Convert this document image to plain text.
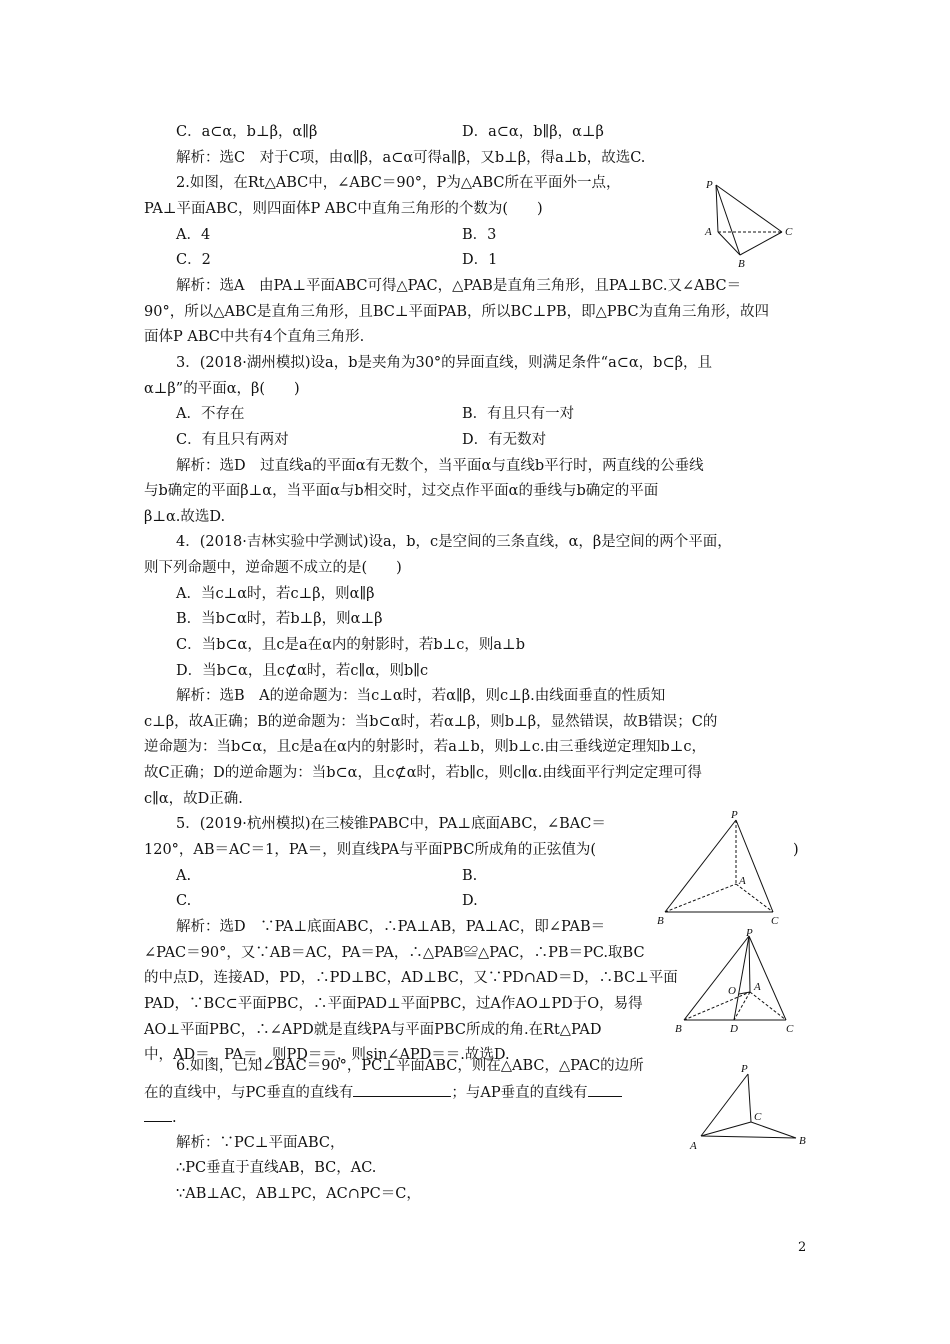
C．a⊂α，b⊥β，α∥β	D．a⊂α，b∥β，α⊥β
解析：选C　对于C项，由α∥β，a⊂α可得a∥β，又b⊥β，得a⊥b，故选C.
2.如图，在Rt△ABC中，∠ABC＝90°，P为△ABC所在平面外一点，
PA⊥平面ABC，则四面体P ABC中直角三角形的个数为(　　)
A．4	B．3
C．2	D．1
解析：选A　由PA⊥平面ABC可得△PAC，△PAB是直角三角形，且PA⊥BC.又∠ABC＝
90°，所以△ABC是直角三角形，且BC⊥平面PAB，所以BC⊥PB，即△PBC为直角三角形，故四
面体P ABC中共有4个直角三角形.
P
A
B
C
3．(2018·湖州模拟)设a，b是夹角为30°的异面直线，则满足条件“a⊂α，b⊂β，且
α⊥β”的平面α，β(　　)
A．不存在	B．有且只有一对
C．有且只有两对	D．有无数对
解析：选D　过直线a的平面α有无数个，当平面α与直线b平行时，两直线的公垂线
与b确定的平面β⊥α，当平面α与b相交时，过交点作平面α的垂线与b确定的平面
β⊥α.故选D.
4．(2018·吉林实验中学测试)设a，b，c是空间的三条直线，α，β是空间的两个平面，
则下列命题中，逆命题不成立的是(　　)
A．当c⊥α时，若c⊥β，则α∥β
B．当b⊂α时，若b⊥β，则α⊥β
C．当b⊂α，且c是a在α内的射影时，若b⊥c，则a⊥b
D．当b⊂α，且c⊄α时，若c∥α，则b∥c
解析：选B　A的逆命题为：当c⊥α时，若α∥β，则c⊥β.由线面垂直的性质知
c⊥β，故A正确；B的逆命题为：当b⊂α时，若α⊥β，则b⊥β，显然错误，故B错误；C的
逆命题为：当b⊂α，且c是a在α内的射影时，若a⊥b，则b⊥c.由三垂线逆定理知b⊥c，
故C正确；D的逆命题为：当b⊂α，且c⊄α时，若b∥c，则c∥α.由线面平行判定定理可得
c∥α，故D正确.
5．(2019·杭州模拟)在三棱锥PABC中，PA⊥底面ABC，∠BAC＝
120°，AB＝AC＝1，PA＝，则直线PA与平面PBC所成角的正弦值为(	)
A.	B.
C.	D.
解析：选D　∵PA⊥底面ABC，∴PA⊥AB，PA⊥AC，即∠PAB＝
∠PAC＝90°，又∵AB＝AC，PA＝PA，∴△PAB≌△PAC，∴PB＝PC.取BC
的中点D，连接AD，PD，∴PD⊥BC，AD⊥BC，又∵PD∩AD＝D，∴BC⊥平面
PAD，∵BC⊂平面PBC，∴平面PAD⊥平面PBC，过A作AO⊥PD于O，易得
AO⊥平面PBC，∴∠APD就是直线PA与平面PBC所成的角.在Rt△PAD
中，AD＝，PA＝，则PD＝＝，则sin∠APD＝＝.故选D.
P
A
B	C
P
O A
B	D	C
6.如图，已知∠BAC＝90°，PC⊥平面ABC，则在△ABC，△PAC的边所
在的直线中，与PC垂直的直线有	；与AP垂直的直线有
.
解析：∵PC⊥平面ABC，
∴PC垂直于直线AB，BC，AC.
∵AB⊥AC，AB⊥PC，AC∩PC＝C，
P
C
A	B
2
